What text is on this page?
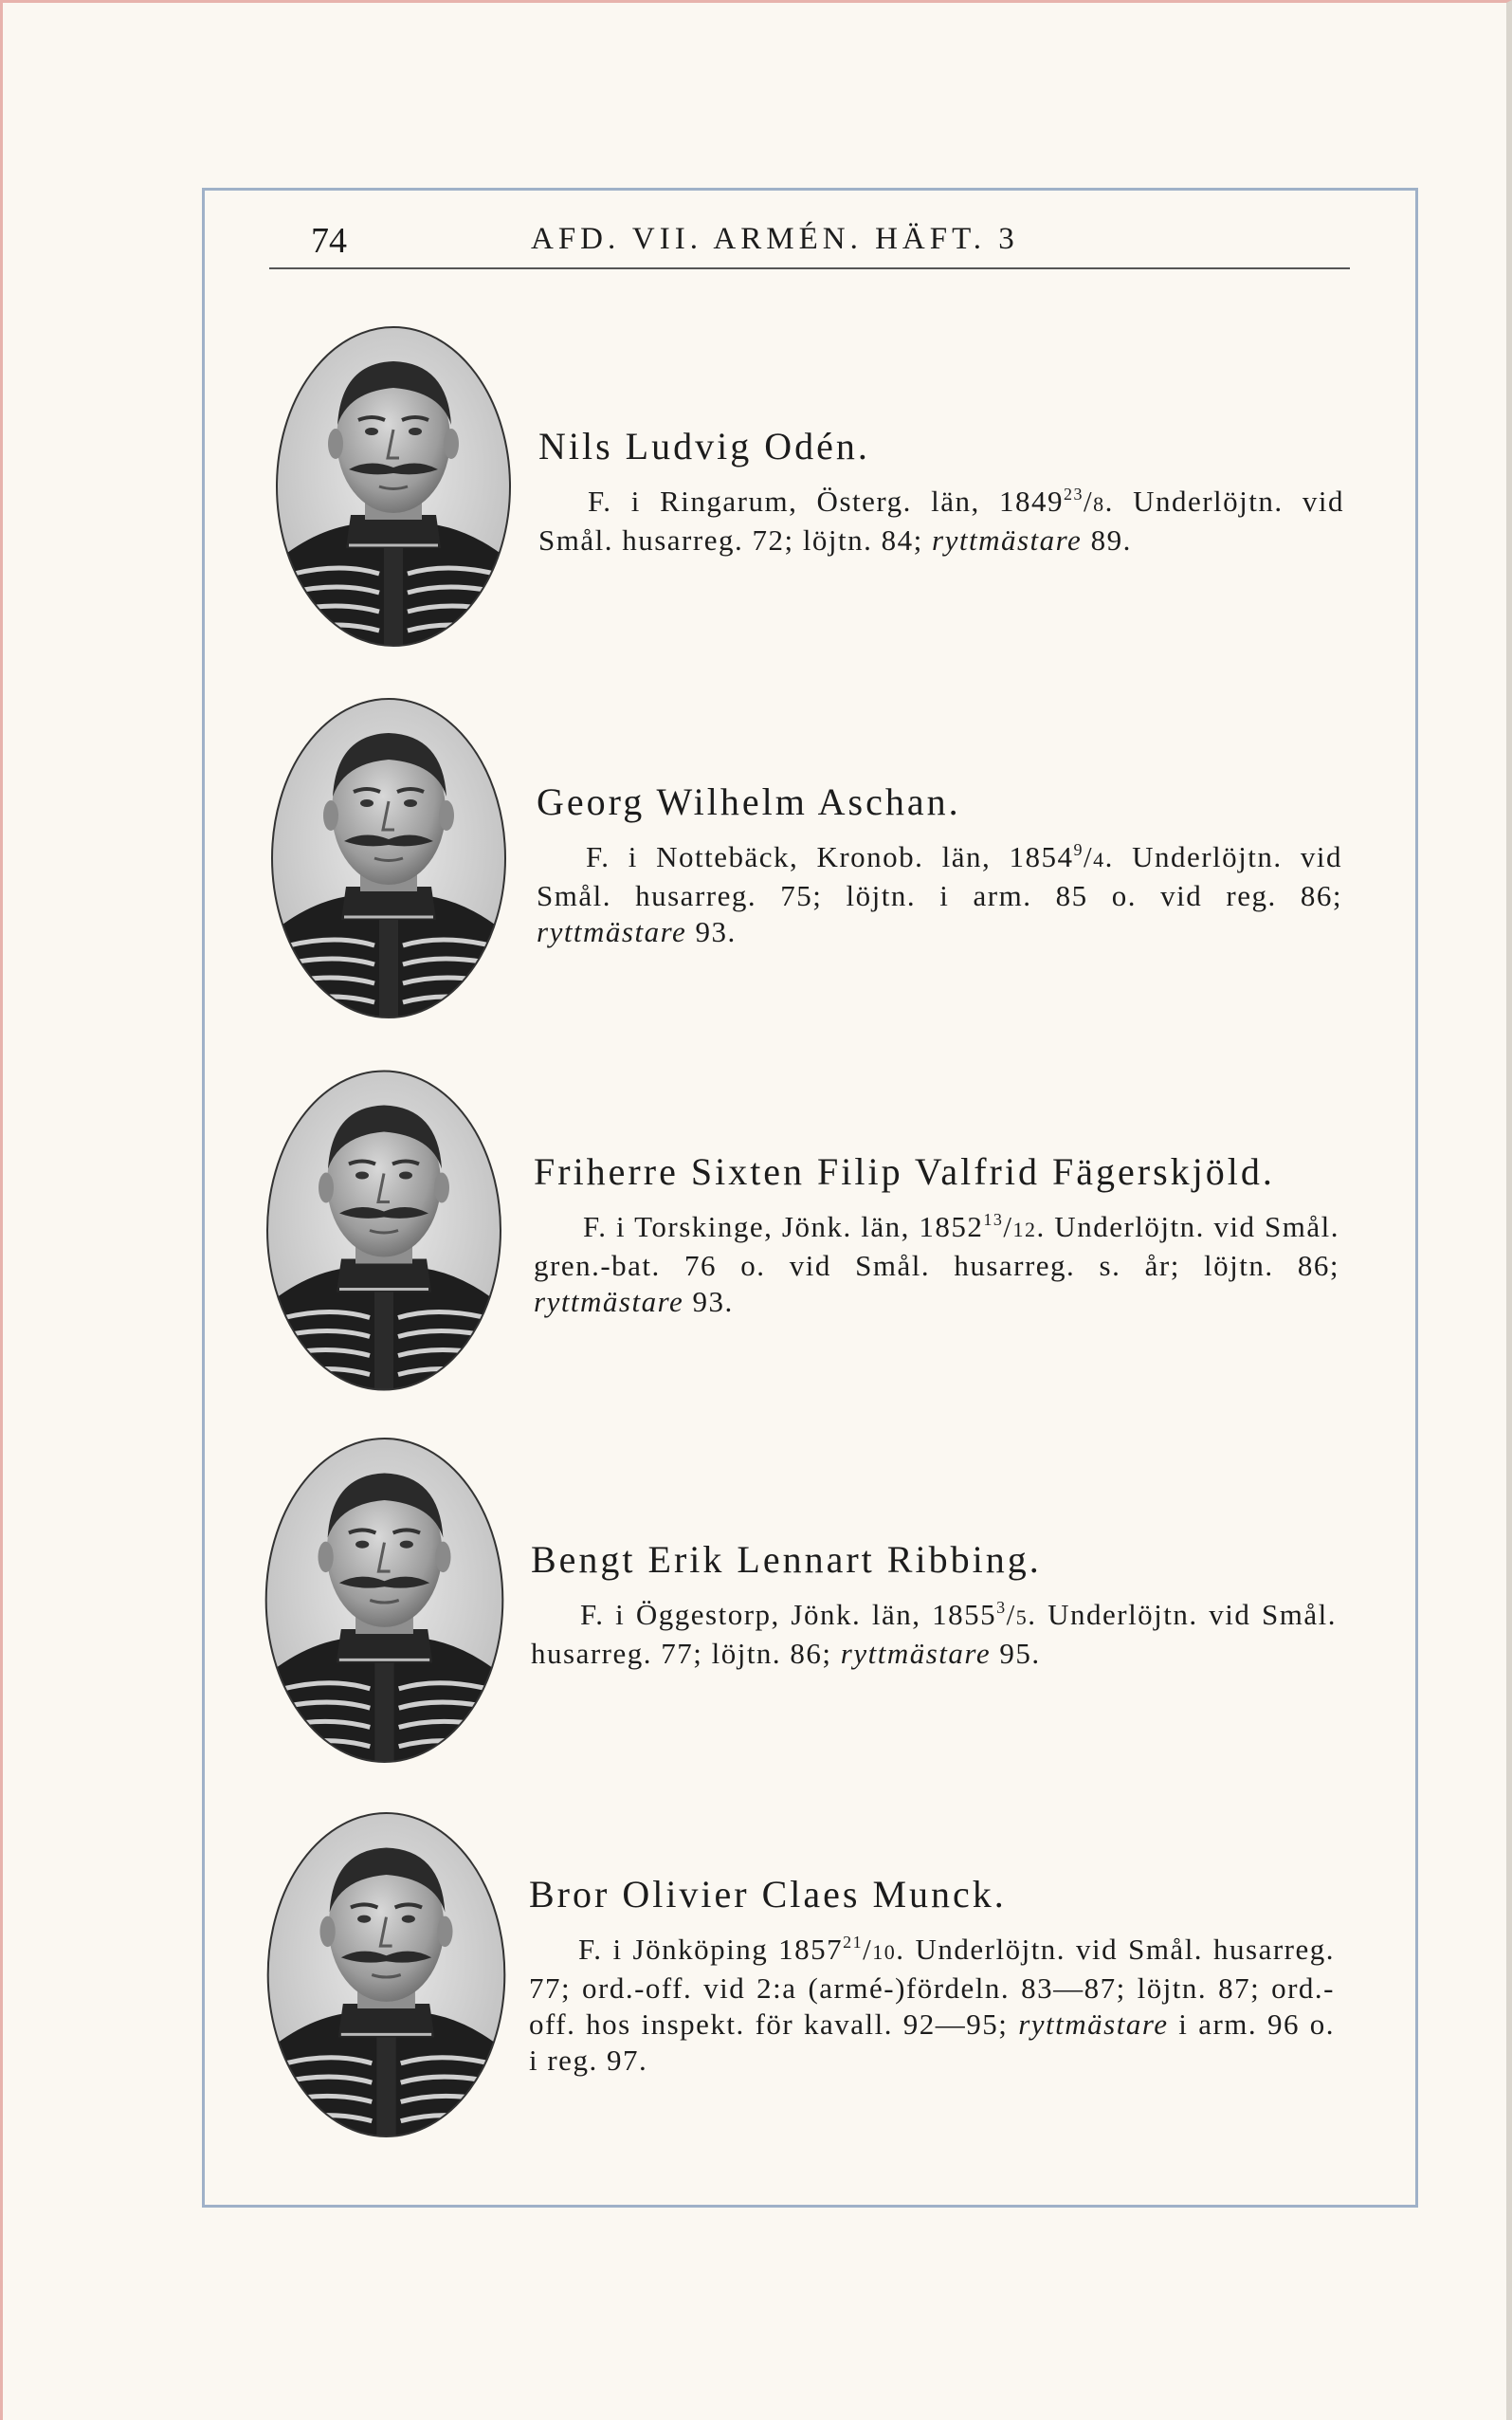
74	AFD. VII. ARMÉN. HÄFT. 3

Nils Ludvig Odén.

F. i Ringarum, Österg. län, 1849$^{23}$/8. Underlöjtn. vid Smål. husarreg. 72; löjtn. 84; ryttmästare 89.

Georg Wilhelm Aschan.

F. i Nottebäck, Kronob. län, 1854$^9$/4. Underlöjtn. vid Smål. husarreg. 75; löjtn. i arm. 85 o. vid reg. 86; ryttmästare 93.

Friherre Sixten Filip Valfrid Fägerskjöld.

F. i Torskinge, Jönk. län, 1852$^{13}$/12. Underlöjtn. vid Smål. gren.-bat. 76 o. vid Smål. husarreg. s. år; löjtn. 86; ryttmästare 93.

Bengt Erik Lennart Ribbing.

F. i Öggestorp, Jönk. län, 1855$^3$/5. Underlöjtn. vid Smål. husarreg. 77; löjtn. 86; ryttmästare 95.

Bror Olivier Claes Munck.

F. i Jönköping 1857$^{21}$/10. Underlöjtn. vid Smål. husarreg. 77; ord.-off. vid 2:a (armé-)fördeln. 83—87; löjtn. 87; ord.-off. hos inspekt. för kavall. 92—95; ryttmästare i arm. 96 o. i reg. 97.
